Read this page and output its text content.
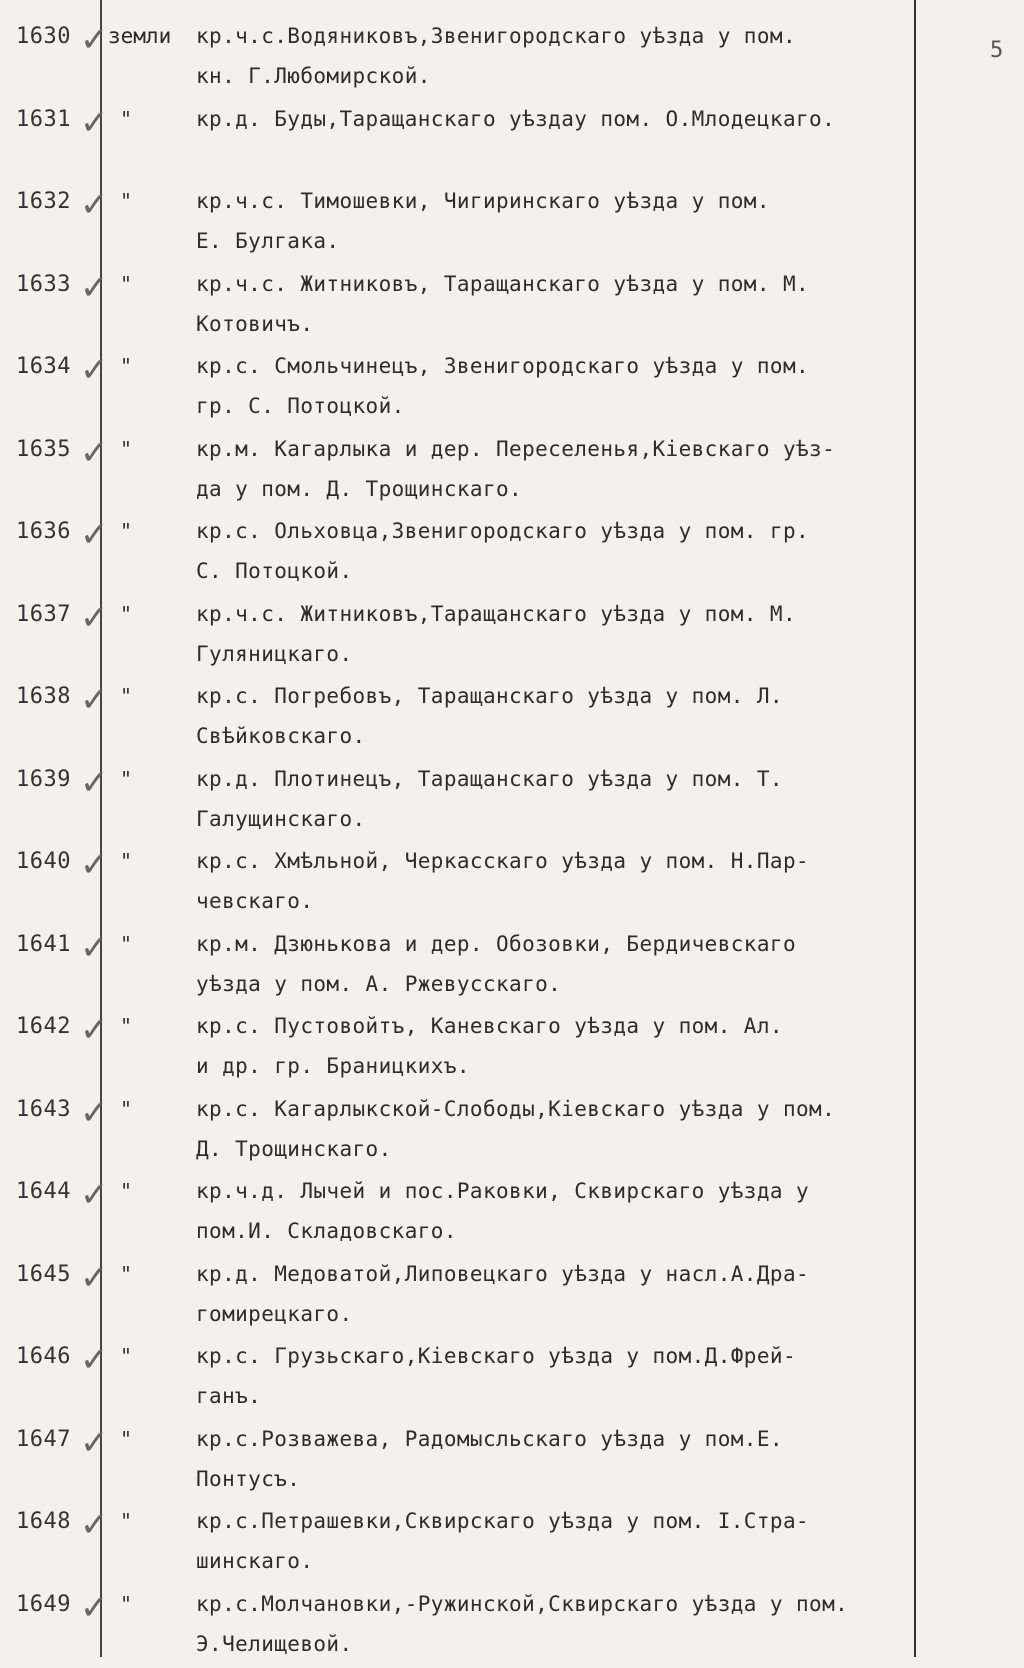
5
1630 ✓ земли кр.ч.с.Водяниковъ,Звенигородскаго уѣзда у пом.
кн. Г.Любомирской.
1631 ✓ "	кр.д. Буды,Таращанскаго уѣздау пом. О.Млодецкаго.
1632 ✓ "	кр.ч.с. Тимошевки, Чигиринскаго уѣзда у пом.
Е. Булгака.
1633 ✓ "	кр.ч.с. Житниковъ, Таращанскаго уѣзда у пом. М.
Котовичъ.
1634 ✓ "	кр.с. Смольчинецъ, Звенигородскаго уѣзда у пом.
гр. С. Потоцкой.
1635 ✓ "	кр.м. Кагарлыка и дер. Переселенья,Кіевскаго уѣз-
да у пом. Д. Трощинскаго.
1636 ✓ "	кр.с. Ольховца,Звенигородскаго уѣзда у пом. гр.
С. Потоцкой.
1637 ✓ "	кр.ч.с. Житниковъ,Таращанскаго уѣзда у пом. М.
Гуляницкаго.
1638 ✓ "	кр.с. Погребовъ, Таращанскаго уѣзда у пом. Л.
Свѣйковскаго.
1639 ✓ "	кр.д. Плотинецъ, Таращанскаго уѣзда у пом. Т.
Галущинскаго.
1640 ✓ "	кр.с. Хмѣльной, Черкасскаго уѣзда у пом. Н.Пар-
чевскаго.
1641 ✓ "	кр.м. Дзюнькова и дер. Обозовки, Бердичевскаго
уѣзда у пом. А. Ржевусскаго.
1642 ✓ "	кр.с. Пустовойтъ, Каневскаго уѣзда у пом. Ал.
и др. гр. Браницкихъ.
1643 ✓ "	кр.с. Кагарлыкской-Слободы,Кіевскаго уѣзда у пом.
Д. Трощинскаго.
1644 ✓ "	кр.ч.д. Лычей и пос.Раковки, Сквирскаго уѣзда у
пом.И. Складовскаго.
1645 ✓ "	кр.д. Медоватой,Липовецкаго уѣзда у насл.А.Дра-
гомирецкаго.
1646 ✓ "	кр.с. Грузьскаго,Кіевскаго уѣзда у пом.Д.Фрей-
ганъ.
1647 ✓ "	кр.с.Розважева, Радомысльскаго уѣзда у пом.Е.
Понтусъ.
1648 ✓ "	кр.с.Петрашевки,Сквирскаго уѣзда у пом. І.Стра-
шинскаго.
1649 ✓ "	кр.с.Молчановки,-Ружинской,Сквирскаго уѣзда у пом.
Э.Челищевой.
